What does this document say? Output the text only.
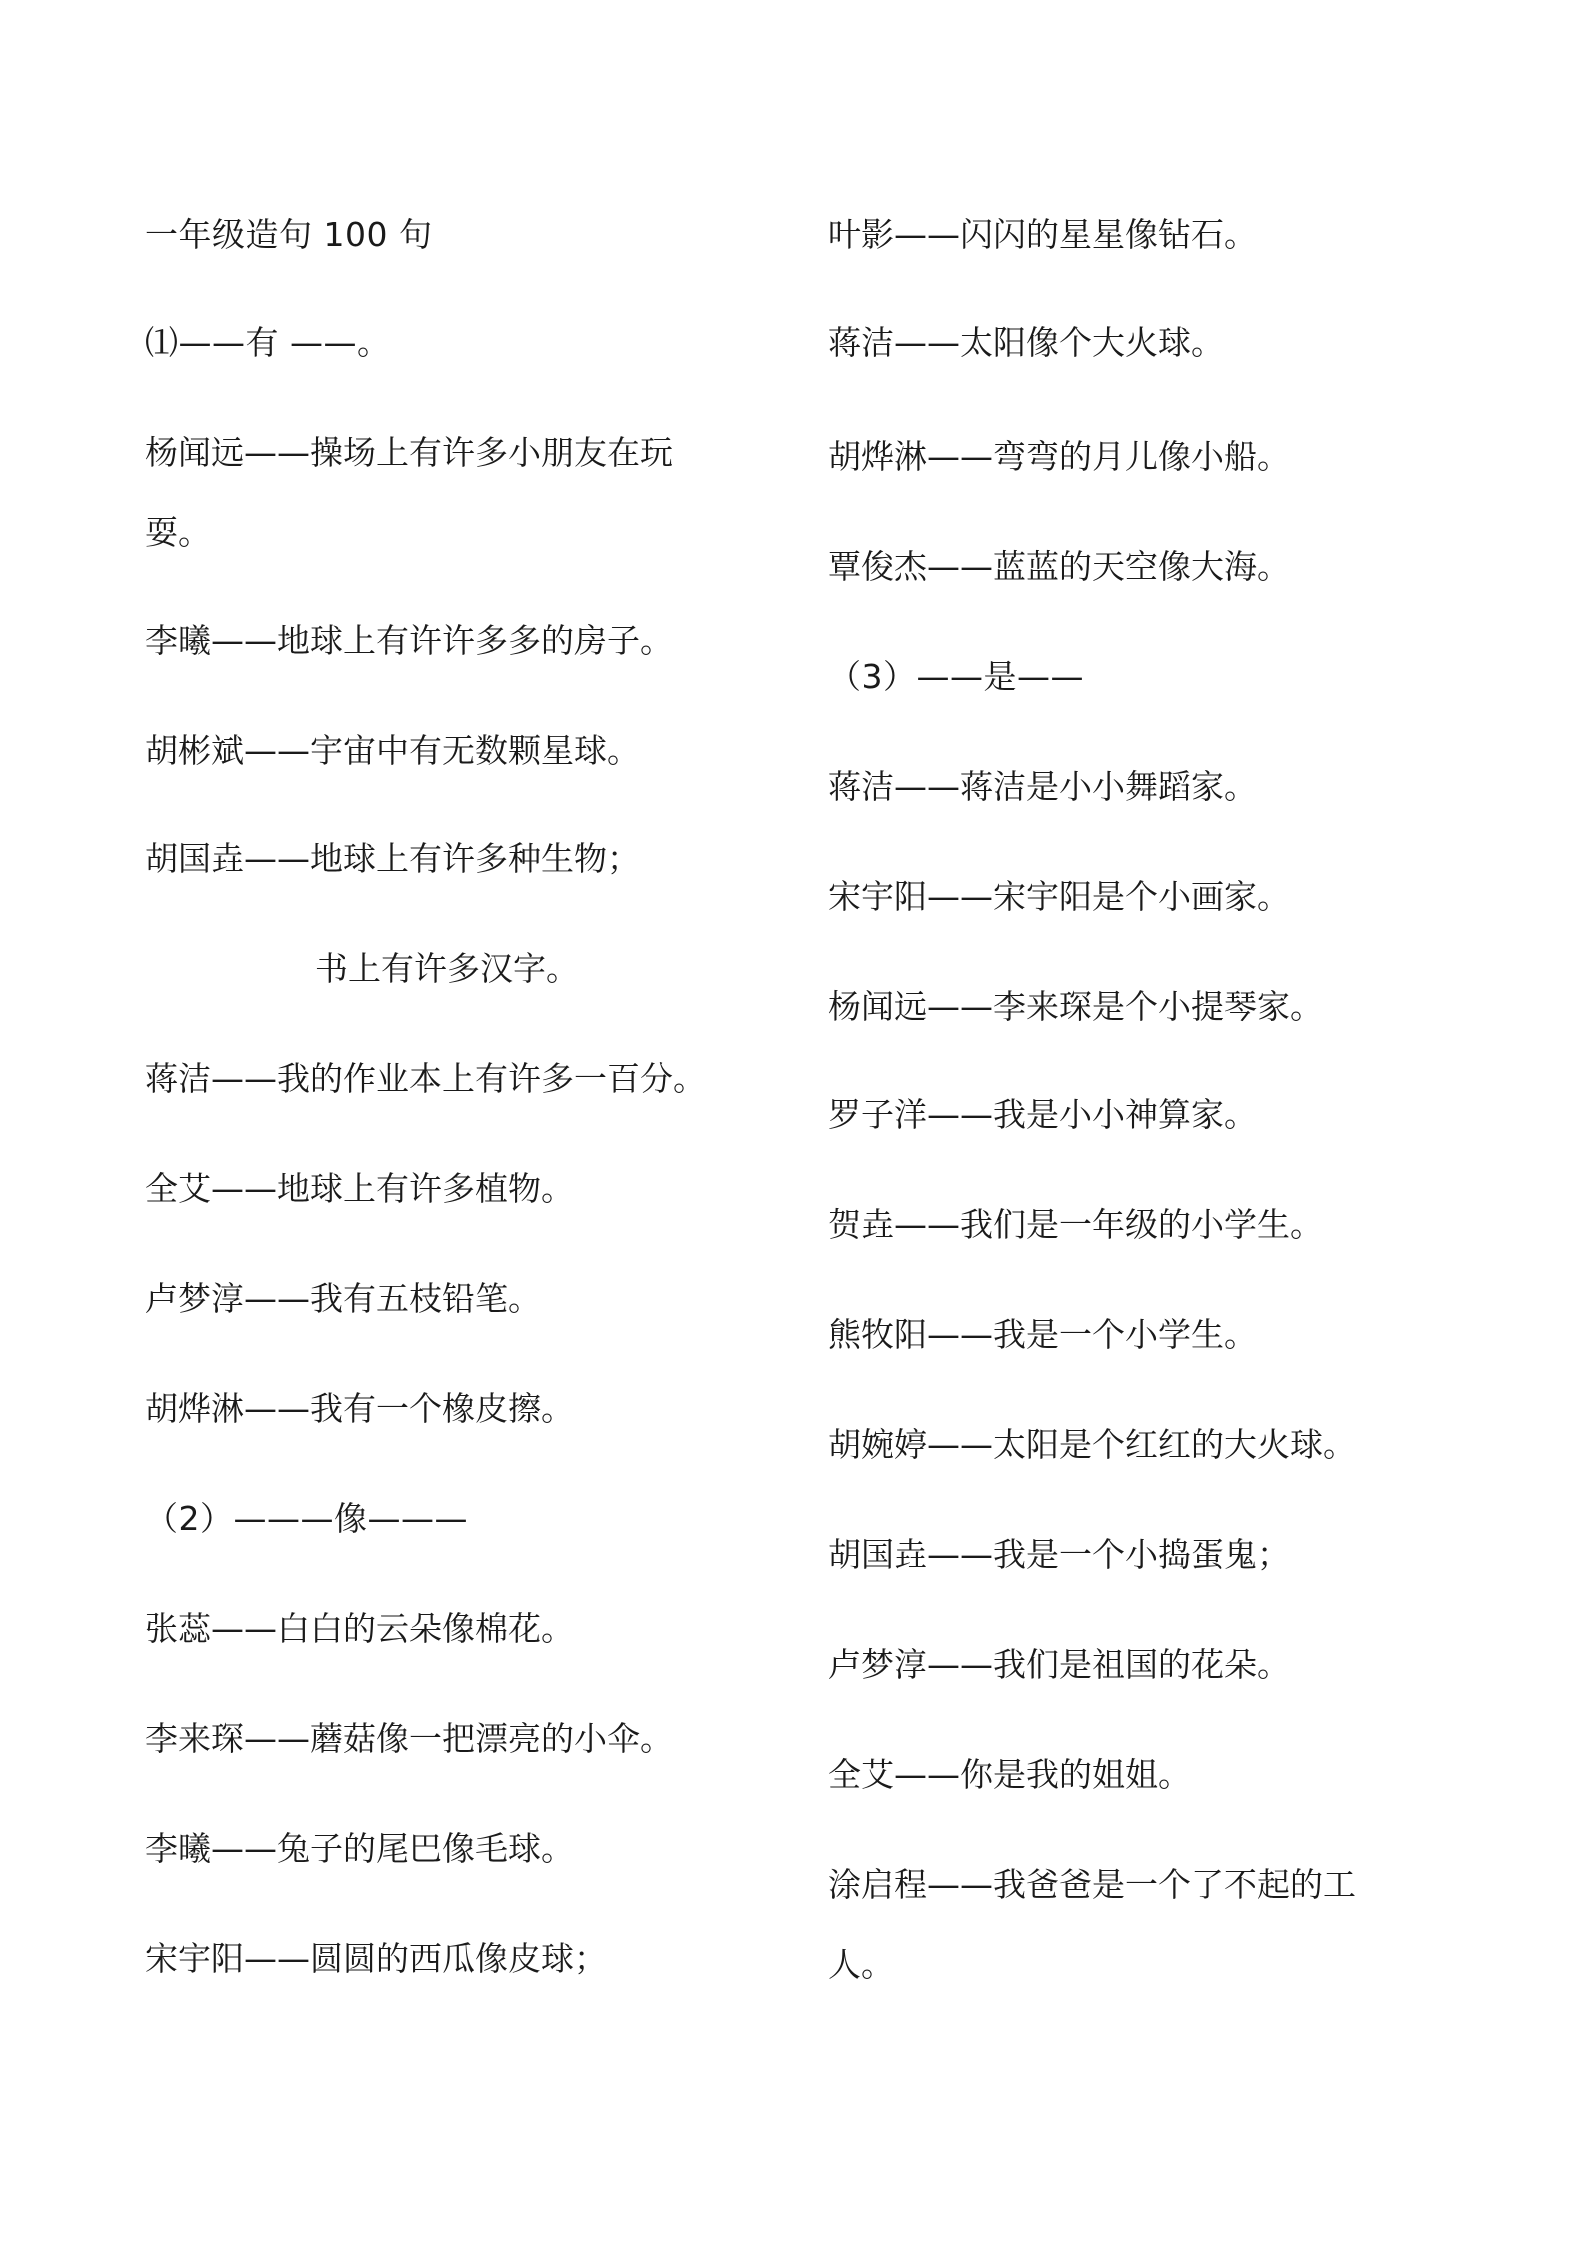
一年级造句 100 句
⑴——有 ——。
杨闻远——操场上有许多小朋友在玩
耍。
李曦——地球上有许许多多的房子。
胡彬斌——宇宙中有无数颗星球。
胡国垚——地球上有许多种生物；
书上有许多汉字。
蒋洁——我的作业本上有许多一百分。
全艾——地球上有许多植物。
卢梦淳——我有五枝铅笔。
胡烨淋——我有一个橡皮擦。
（2）———像———
张蕊——白白的云朵像棉花。
李来琛——蘑菇像一把漂亮的小伞。
李曦——兔子的尾巴像毛球。
宋宇阳——圆圆的西瓜像皮球；
叶影——闪闪的星星像钻石。
蒋洁——太阳像个大火球。
胡烨淋——弯弯的月儿像小船。
覃俊杰——蓝蓝的天空像大海。
（3）——是——
蒋洁——蒋洁是小小舞蹈家。
宋宇阳——宋宇阳是个小画家。
杨闻远——李来琛是个小提琴家。
罗子洋——我是小小神算家。
贺垚——我们是一年级的小学生。
熊牧阳——我是一个小学生。
胡婉婷——太阳是个红红的大火球。
胡国垚——我是一个小捣蛋鬼；
卢梦淳——我们是祖国的花朵。
全艾——你是我的姐姐。
涂启程——我爸爸是一个了不起的工
人。
